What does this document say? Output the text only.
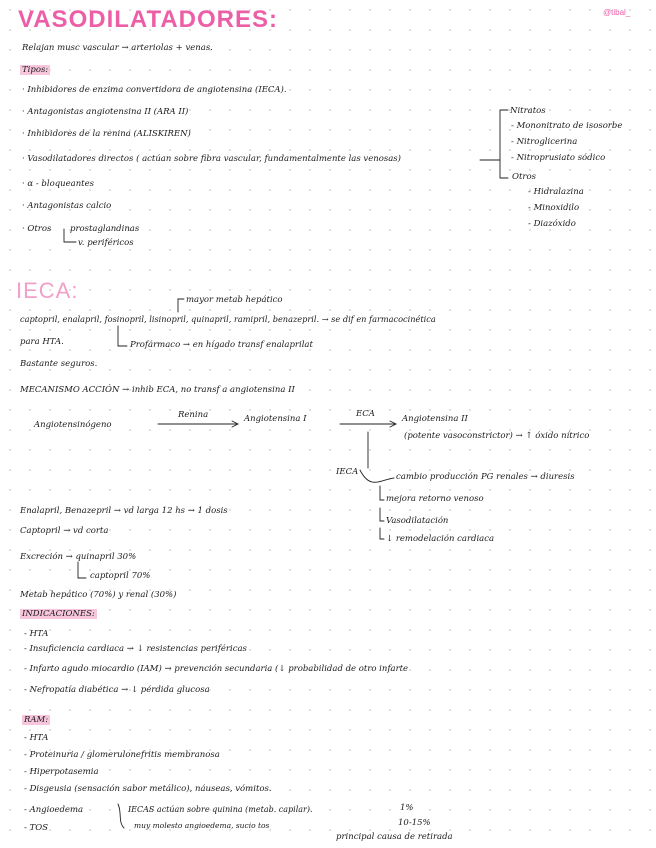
VASODILATADORES:	@tibal_
Relajan musc vascular → arteriolas + venas.
Tipos:
· Inhibidores de enzima convertidora de angiotensina (IECA).
· Antagonistas angiotensina II (ARA II)
· Inhibidores de la renina (ALISKIREN)
· Vasodilatadores directos ( actúan sobre fibra vascular, fundamentalmente las venosas)
· α - bloqueantes
· Antagonistas calcio
· Otros prostaglandinas
v. periféricos
Nitratos
- Mononitrato de isosorbe
- Nitroglicerina
- Nitroprusiato sódico
Otros
- Hidralazina
- Minoxidilo
- Diazóxido
IECA:	mayor metab hepático
captopril, enalapril, fosinopril, lisinopril, quinapril, ramipril, benazepril. → se dif en farmacocinética
para HTA.	Profármaco → en hígado transf enalaprilat
Bastante seguros.
MECANISMO ACCIÓN → inhib ECA, no transf a angiotensina II
Angiotensinógeno
Renina	Angiotensina I	ECA	Angiotensina II
(potente vasoconstrictor) → ↑ óxido nítrico
IECA	cambio producción PG renales → diuresis
mejora retorno venoso
Vasodilatación
↓ remodelación cardiaca
Enalapril, Benazepril → vd larga 12 hs → 1 dosis
Captopril → vd corta
Excreción → quinapril 30%
captopril 70%
Metab hepático (70%) y renal (30%)
INDICACIONES:
- HTA
- Insuficiencia cardiaca → ↓ resistencias periféricas
- Infarto agudo miocardio (IAM) → prevención secundaria (↓ probabilidad de otro infarte
- Nefropatía diabética → ↓ pérdida glucosa
RAM:
- HTA
- Proteinuria / glomerulonefritis membranosa
- Hiperpotasemia
- Disgeusia (sensación sabor metálico), náuseas, vómitos.
- Angioedema
- TOS
IECAS actúan sobre quinina (metab. capilar).	1%
muy molesto angioedema, sucio tos	10-15%
principal causa de retirada
